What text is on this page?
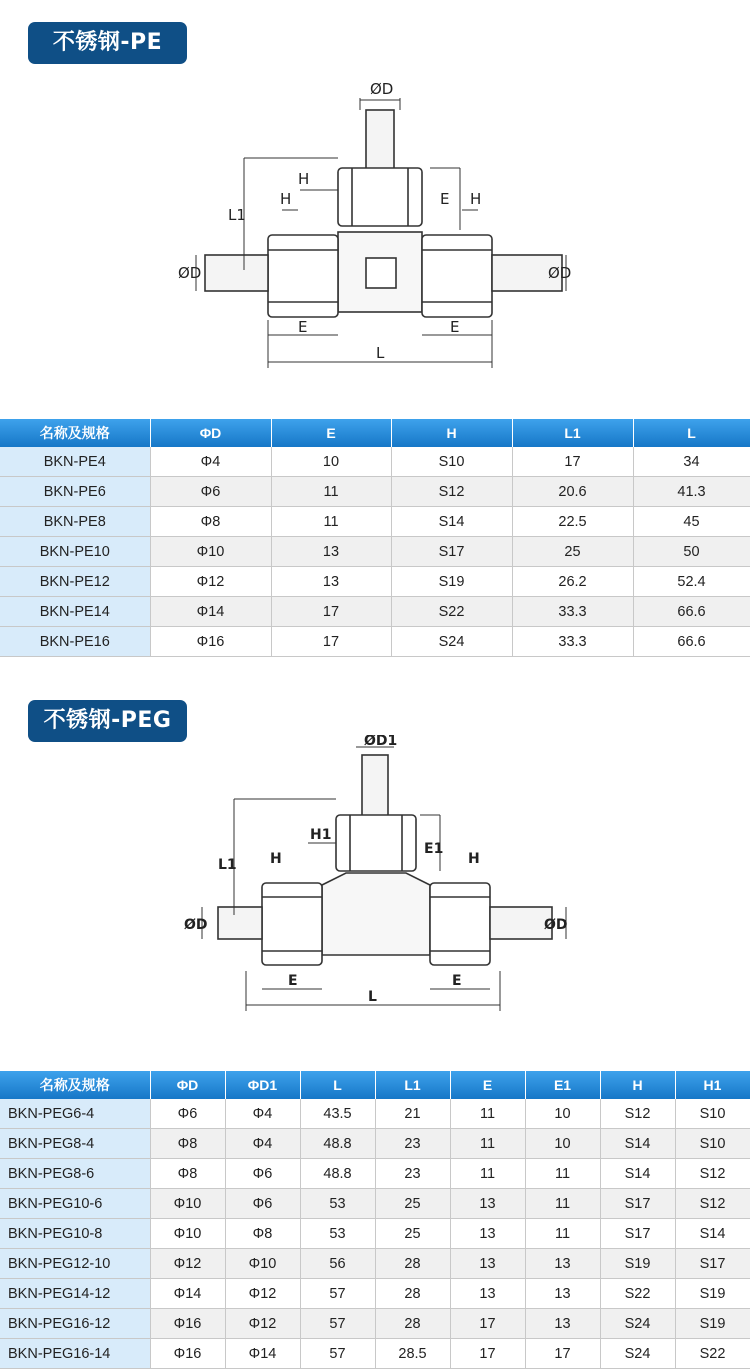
不锈钢-PE
ØD
ØD	ØD
H
H	H
E	E
E
L1
L
名称及规格	ΦD	E	H	L1	L
BKN-PE4	Φ4	10	S10	17	34
BKN-PE6	Φ6	11	S12	20.6	41.3
BKN-PE8	Φ8	11	S14	22.5	45
BKN-PE10	Φ10	13	S17	25	50
BKN-PE12	Φ12	13	S19	26.2	52.4
BKN-PE14	Φ14	17	S22	33.3	66.6
BKN-PE16	Φ16	17	S24	33.3	66.6
不锈钢-PEG
ØD1
ØD	ØD
H1
H	H
E1
E	E
L1
L
名称及规格	ΦD	ΦD1	L	L1	E	E1	H	H1
BKN-PEG6-4	Φ6	Φ4	43.5	21	11	10	S12	S10
BKN-PEG8-4	Φ8	Φ4	48.8	23	11	10	S14	S10
BKN-PEG8-6	Φ8	Φ6	48.8	23	11	11	S14	S12
BKN-PEG10-6	Φ10	Φ6	53	25	13	11	S17	S12
BKN-PEG10-8	Φ10	Φ8	53	25	13	11	S17	S14
BKN-PEG12-10	Φ12	Φ10	56	28	13	13	S19	S17
BKN-PEG14-12	Φ14	Φ12	57	28	13	13	S22	S19
BKN-PEG16-12	Φ16	Φ12	57	28	17	13	S24	S19
BKN-PEG16-14	Φ16	Φ14	57	28.5	17	17	S24	S22
